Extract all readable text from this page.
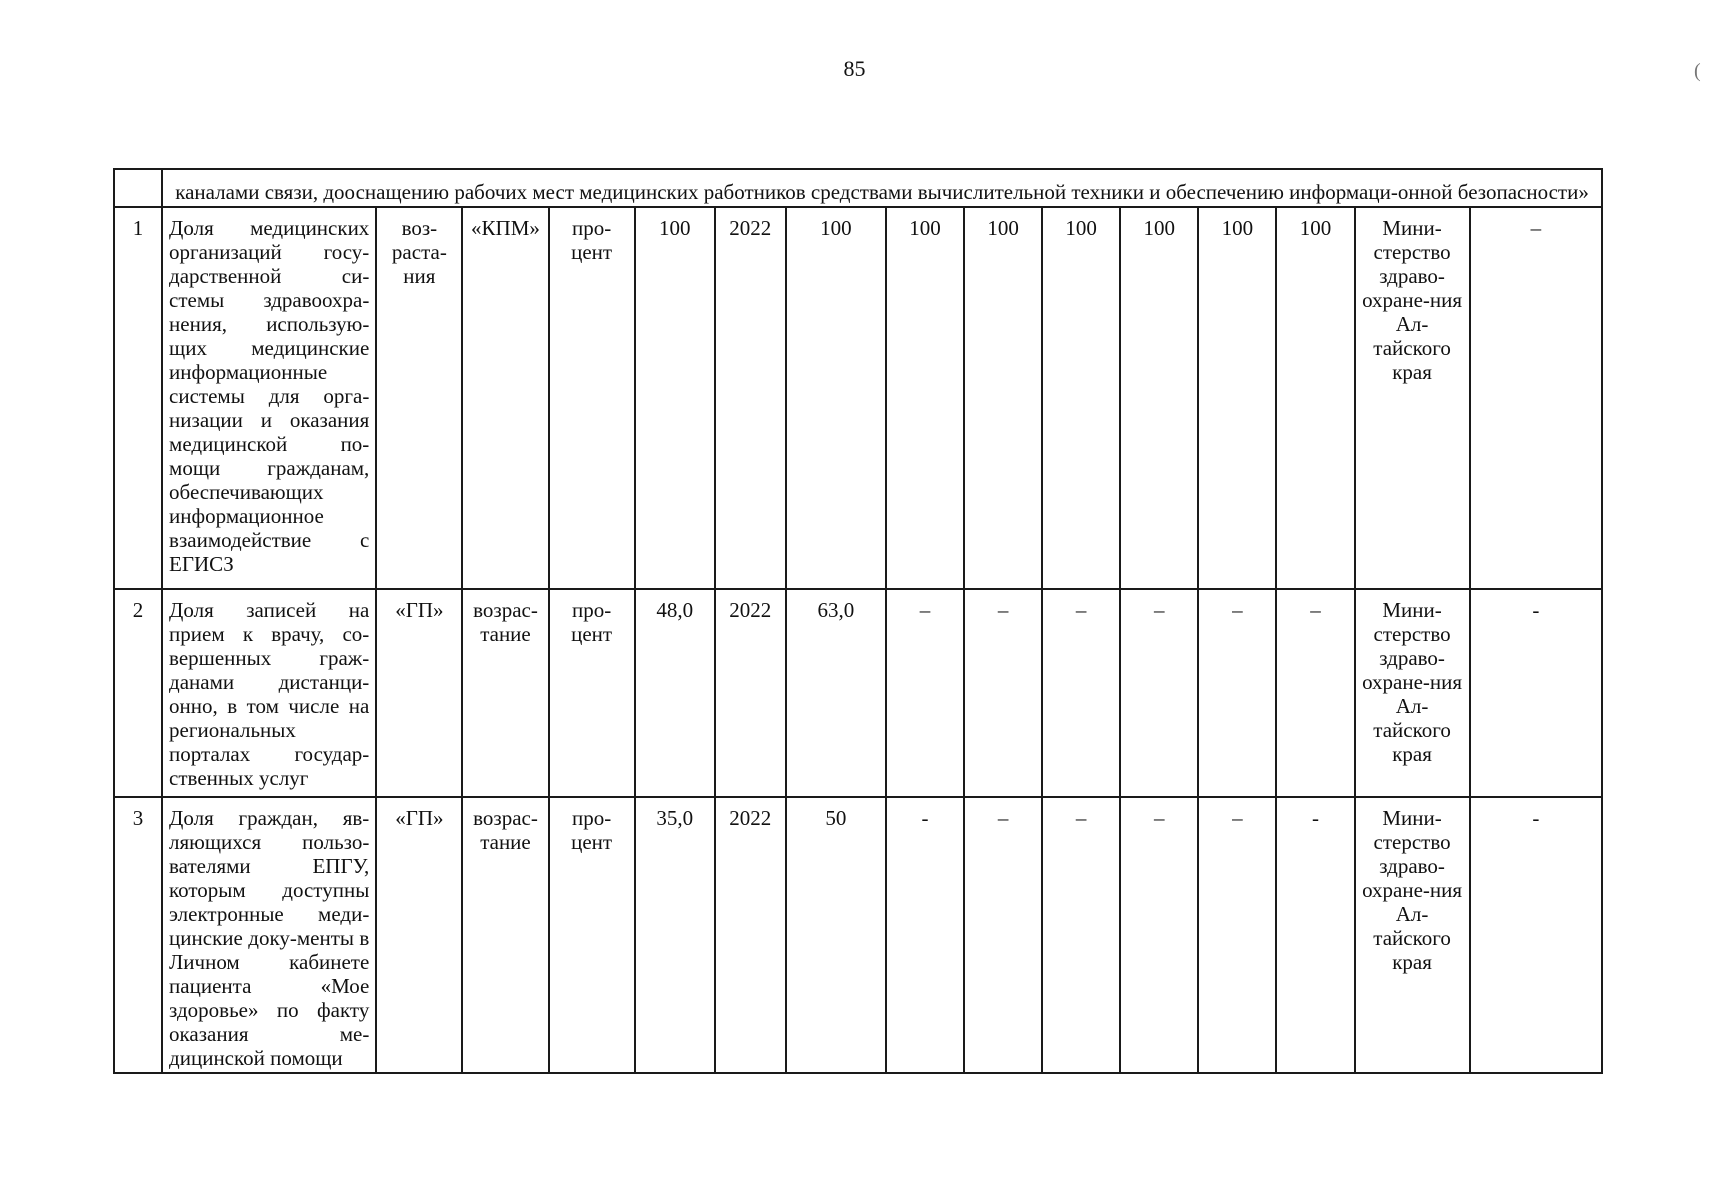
85	(
	каналами связи, дооснащению рабочих мест медицинских работников средствами вычислительной техники и обеспечению информаци-онной безопасности»														
1	Доля медицинских организаций госу-дарственной си-стемы здравоохра-нения, использую-щих медицинские информационные системы для орга-низации и оказания медицинской по-мощи гражданам, обеспечивающих информационное взаимодействие с ЕГИСЗ	воз-раста-ния	«КПМ»	про-цент	100	2022	100	100	100	100	100	100	100	Мини-стерство здраво-охране-ния Ал-тайского края	–
2	Доля записей на прием к врачу, со-вершенных граж-данами дистанци-онно, в том числе на региональных порталах государ-ственных услуг	«ГП»	возрас-тание	про-цент	48,0	2022	63,0	–	–	–	–	–	–	Мини-стерство здраво-охране-ния Ал-тайского края	-
3	Доля граждан, яв-ляющихся пользо-вателями ЕПГУ, которым доступны электронные меди-цинские доку-менты в Личном кабинете пациента «Мое здоровье» по факту оказания ме-дицинской помощи	«ГП»	возрас-тание	про-цент	35,0	2022	50	-	–	–	–	–	-	Мини-стерство здраво-охране-ния Ал-тайского края	-
